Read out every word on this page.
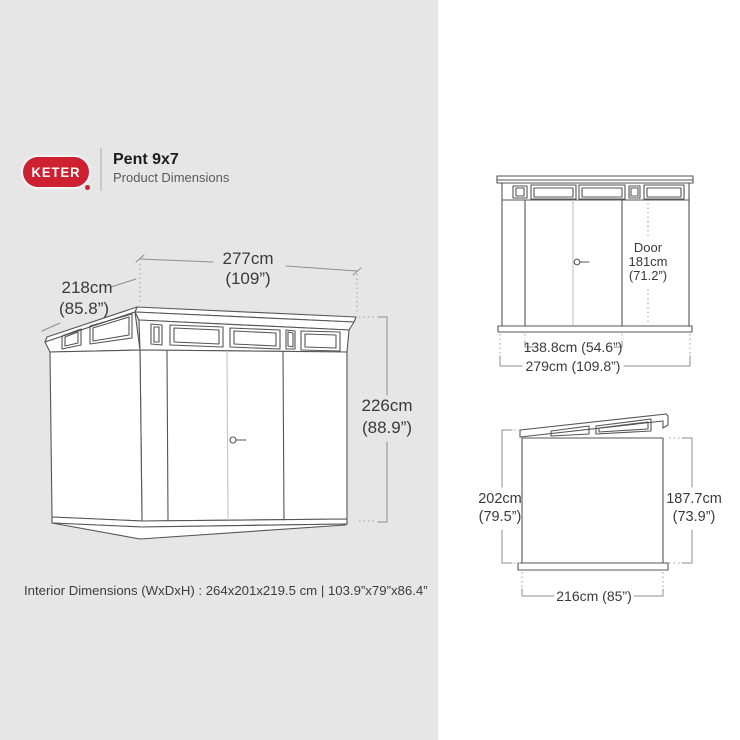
KETER
Pent 9x7
Product Dimensions
277cm
(109”)
218cm
(85.8”)
226cm
(88.9”)
Interior Dimensions (WxDxH) : 264x201x219.5 cm | 103.9”x79”x86.4”
Door
181cm
(71.2”)
138.8cm (54.6”)
279cm (109.8”)
202cm
(79.5”)
187.7cm
(73.9”)
216cm (85”)
